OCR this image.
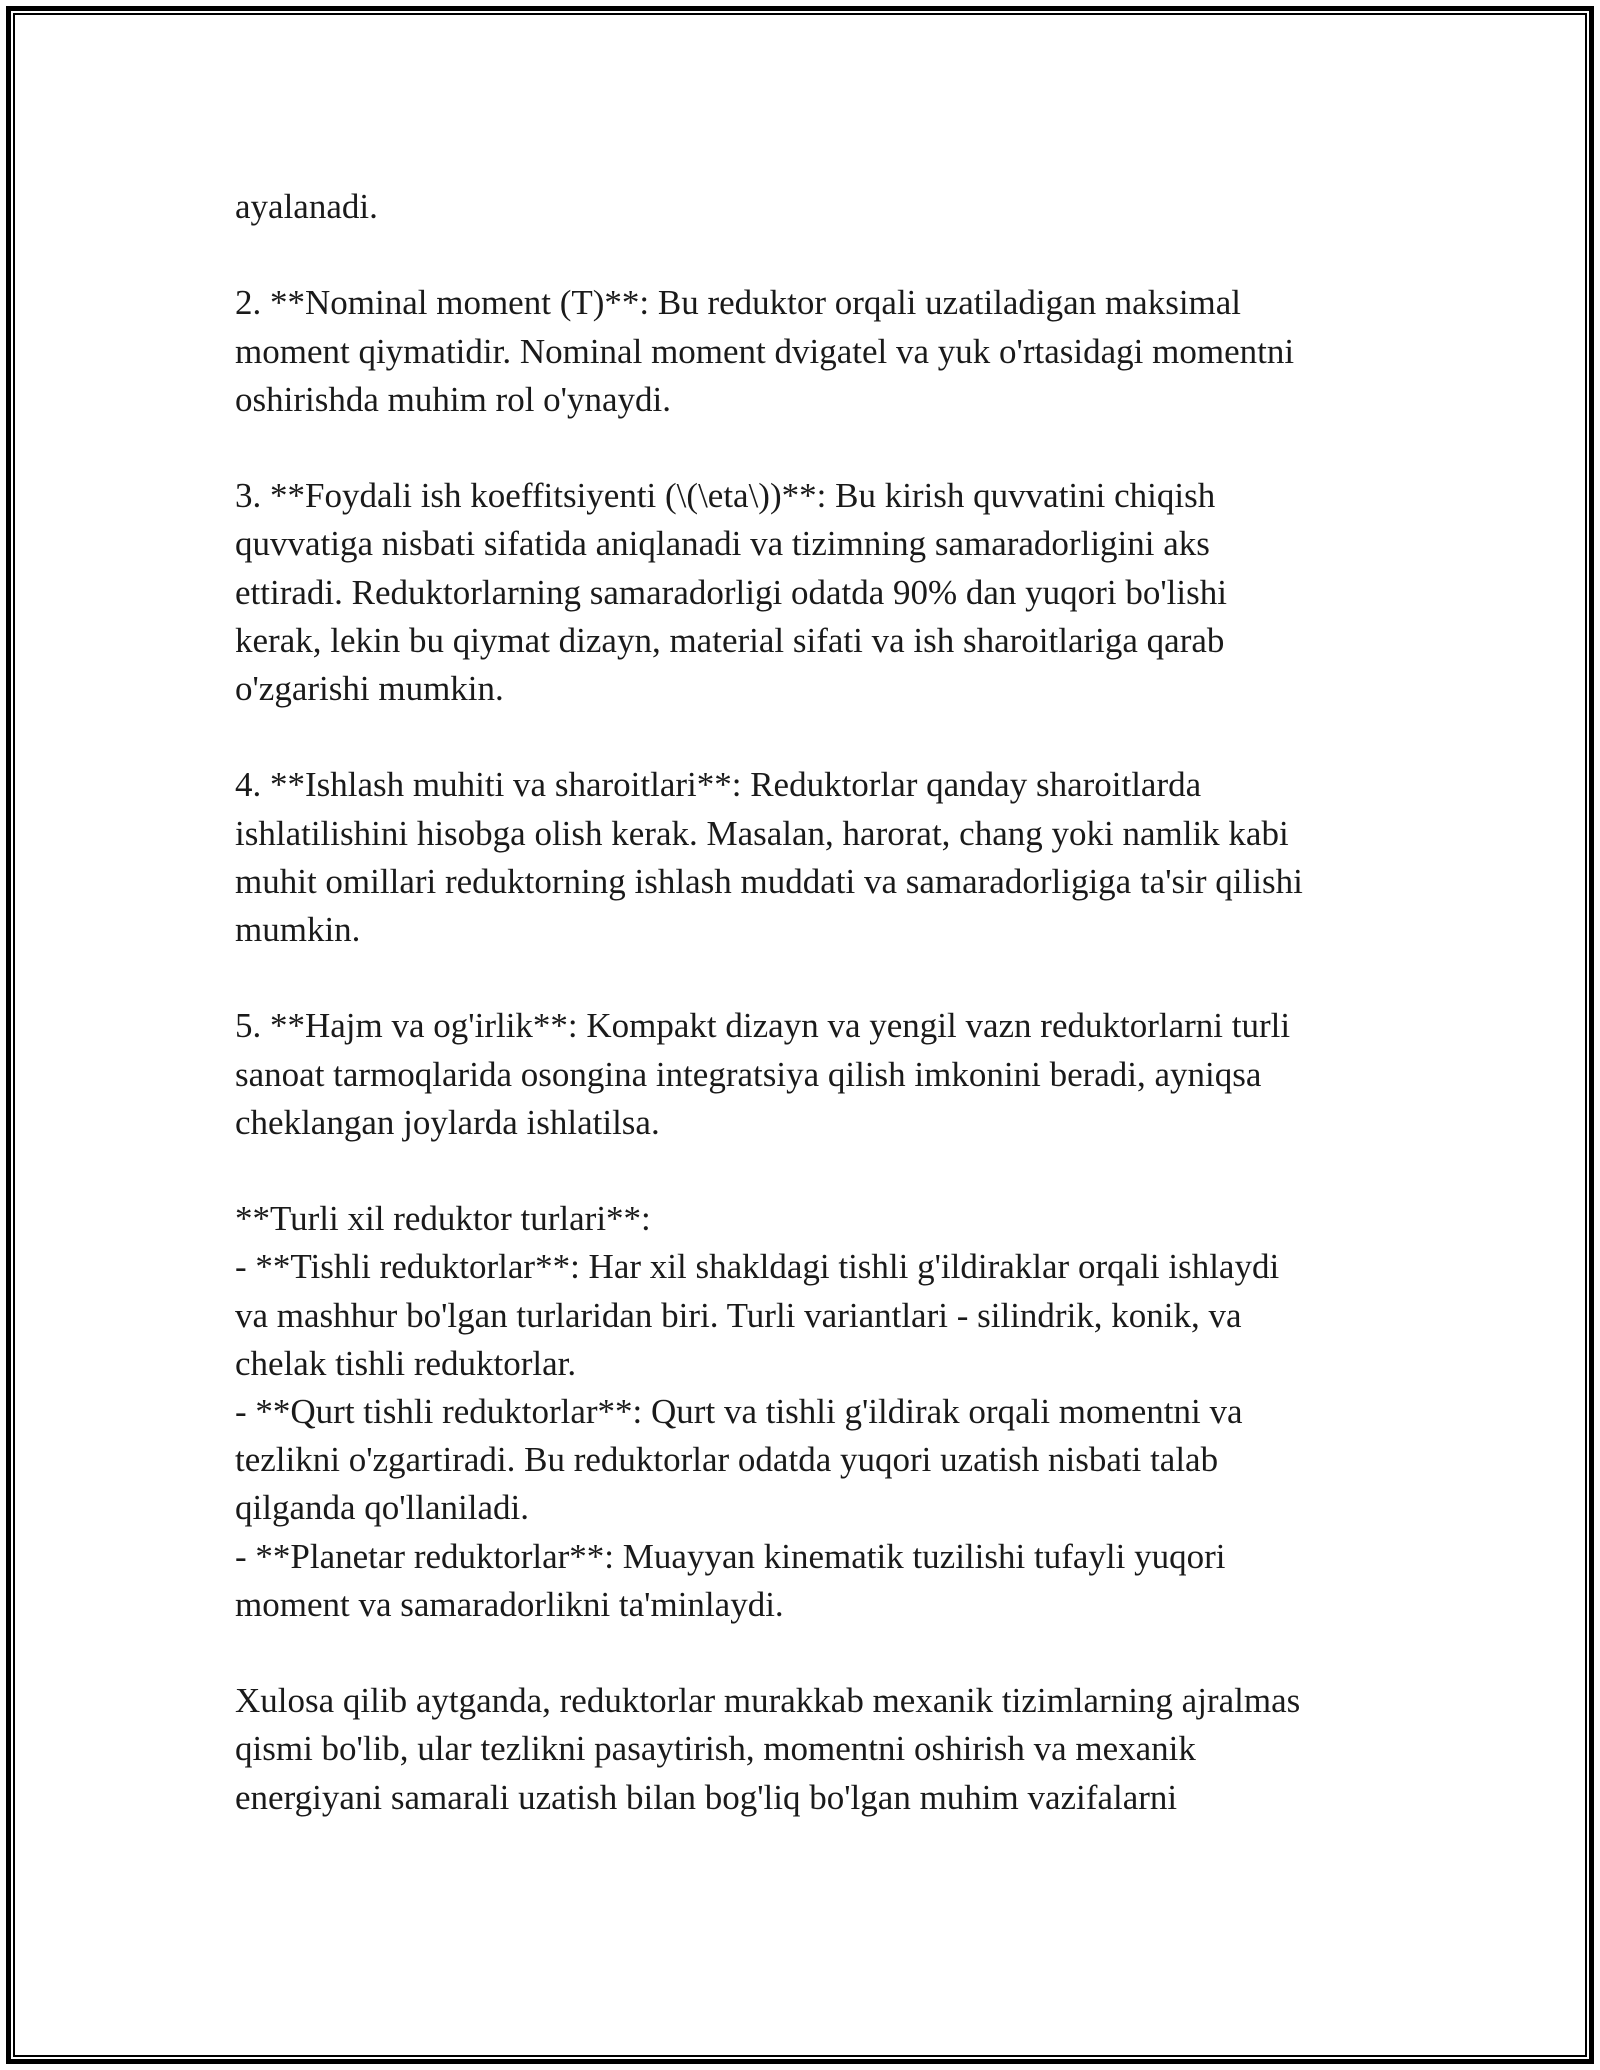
ayalanadi.

2. **Nominal moment (T)**: Bu reduktor orqali uzatiladigan maksimal
moment qiymatidir. Nominal moment dvigatel va yuk o'rtasidagi momentni
oshirishda muhim rol o'ynaydi.

3. **Foydali ish koeffitsiyenti (\(\eta\))**: Bu kirish quvvatini chiqish
quvvatiga nisbati sifatida aniqlanadi va tizimning samaradorligini aks
ettiradi. Reduktorlarning samaradorligi odatda 90% dan yuqori bo'lishi
kerak, lekin bu qiymat dizayn, material sifati va ish sharoitlariga qarab
o'zgarishi mumkin.

4. **Ishlash muhiti va sharoitlari**: Reduktorlar qanday sharoitlarda
ishlatilishini hisobga olish kerak. Masalan, harorat, chang yoki namlik kabi
muhit omillari reduktorning ishlash muddati va samaradorligiga ta'sir qilishi
mumkin.

5. **Hajm va og'irlik**: Kompakt dizayn va yengil vazn reduktorlarni turli
sanoat tarmoqlarida osongina integratsiya qilish imkonini beradi, ayniqsa
cheklangan joylarda ishlatilsa.

**Turli xil reduktor turlari**:
- **Tishli reduktorlar**: Har xil shakldagi tishli g'ildiraklar orqali ishlaydi
va mashhur bo'lgan turlaridan biri. Turli variantlari - silindrik, konik, va
chelak tishli reduktorlar.
- **Qurt tishli reduktorlar**: Qurt va tishli g'ildirak orqali momentni va
tezlikni o'zgartiradi. Bu reduktorlar odatda yuqori uzatish nisbati talab
qilganda qo'llaniladi.
- **Planetar reduktorlar**: Muayyan kinematik tuzilishi tufayli yuqori
moment va samaradorlikni ta'minlaydi.

Xulosa qilib aytganda, reduktorlar murakkab mexanik tizimlarning ajralmas
qismi bo'lib, ular tezlikni pasaytirish, momentni oshirish va mexanik
energiyani samarali uzatish bilan bog'liq bo'lgan muhim vazifalarni
